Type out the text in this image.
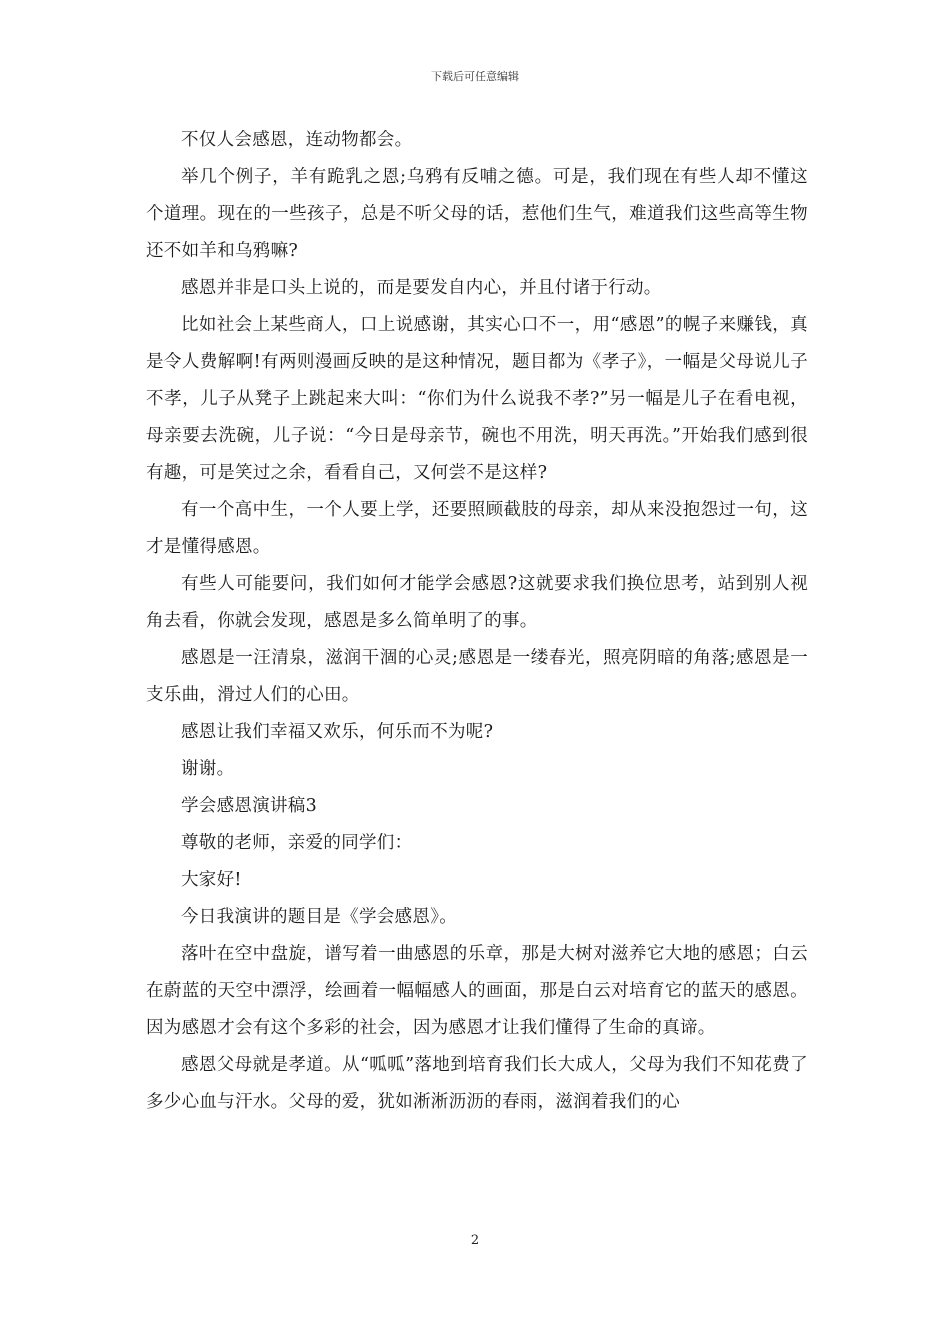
下载后可任意编辑

不仅人会感恩，连动物都会。

举几个例子，羊有跪乳之恩;乌鸦有反哺之德。可是，我们现在有些人却不懂这个道理。现在的一些孩子，总是不听父母的话，惹他们生气，难道我们这些高等生物还不如羊和乌鸦嘛?

感恩并非是口头上说的，而是要发自内心，并且付诸于行动。

比如社会上某些商人，口上说感谢，其实心口不一，用“感恩”的幌子来赚钱，真是令人费解啊!有两则漫画反映的是这种情况，题目都为《孝子》，一幅是父母说儿子不孝，儿子从凳子上跳起来大叫：“你们为什么说我不孝?”另一幅是儿子在看电视，母亲要去洗碗，儿子说：“今日是母亲节，碗也不用洗，明天再洗。”开始我们感到很有趣，可是笑过之余，看看自己，又何尝不是这样?

有一个高中生，一个人要上学，还要照顾截肢的母亲，却从来没抱怨过一句，这才是懂得感恩。

有些人可能要问，我们如何才能学会感恩?这就要求我们换位思考，站到别人视角去看，你就会发现，感恩是多么简单明了的事。

感恩是一汪清泉，滋润干涸的心灵;感恩是一缕春光，照亮阴暗的角落;感恩是一支乐曲，滑过人们的心田。

感恩让我们幸福又欢乐，何乐而不为呢?

谢谢。

学会感恩演讲稿3

尊敬的老师，亲爱的同学们：

大家好!

今日我演讲的题目是《学会感恩》。

落叶在空中盘旋，谱写着一曲感恩的乐章，那是大树对滋养它大地的感恩；白云在蔚蓝的天空中漂浮，绘画着一幅幅感人的画面，那是白云对培育它的蓝天的感恩。因为感恩才会有这个多彩的社会，因为感恩才让我们懂得了生命的真谛。

感恩父母就是孝道。从“呱呱”落地到培育我们长大成人，父母为我们不知花费了多少心血与汗水。父母的爱，犹如淅淅沥沥的春雨，滋润着我们的心

2
